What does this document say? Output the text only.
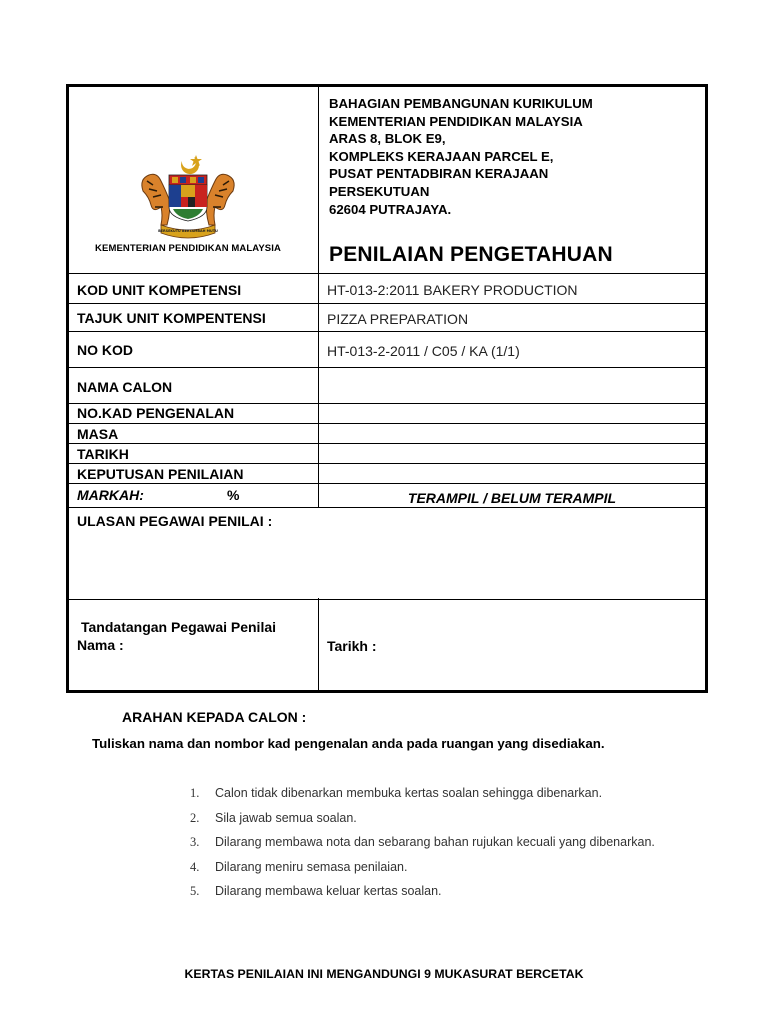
BERSEKUTU BERTAMBAH MUTU
KEMENTERIAN PENDIDIKAN MALAYSIA
BAHAGIAN PEMBANGUNAN KURIKULUM
KEMENTERIAN PENDIDIKAN MALAYSIA
ARAS 8, BLOK E9,
KOMPLEKS KERAJAAN PARCEL E,
PUSAT PENTADBIRAN KERAJAAN
PERSEKUTUAN
62604 PUTRAJAYA.
PENILAIAN PENGETAHUAN
KOD UNIT KOMPETENSI	HT-013-2:2011 BAKERY PRODUCTION
TAJUK UNIT KOMPENTENSI	PIZZA PREPARATION
NO KOD	HT-013-2-2011 / C05 / KA (1/1)
NAMA CALON
NO.KAD PENGENALAN
MASA
TARIKH
KEPUTUSAN PENILAIAN
MARKAH:	%	TERAMPIL / BELUM TERAMPIL
ULASAN PEGAWAI PENILAI :
Tandatangan Pegawai Penilai
Nama :	Tarikh :
ARAHAN KEPADA CALON :
Tuliskan nama dan nombor kad pengenalan anda pada ruangan yang disediakan.
1. Calon tidak dibenarkan membuka kertas soalan sehingga dibenarkan.
2. Sila jawab semua soalan.
3. Dilarang membawa nota dan sebarang bahan rujukan kecuali yang dibenarkan.
4. Dilarang meniru semasa penilaian.
5. Dilarang membawa keluar kertas soalan.
KERTAS PENILAIAN INI MENGANDUNGI 9 MUKASURAT BERCETAK
